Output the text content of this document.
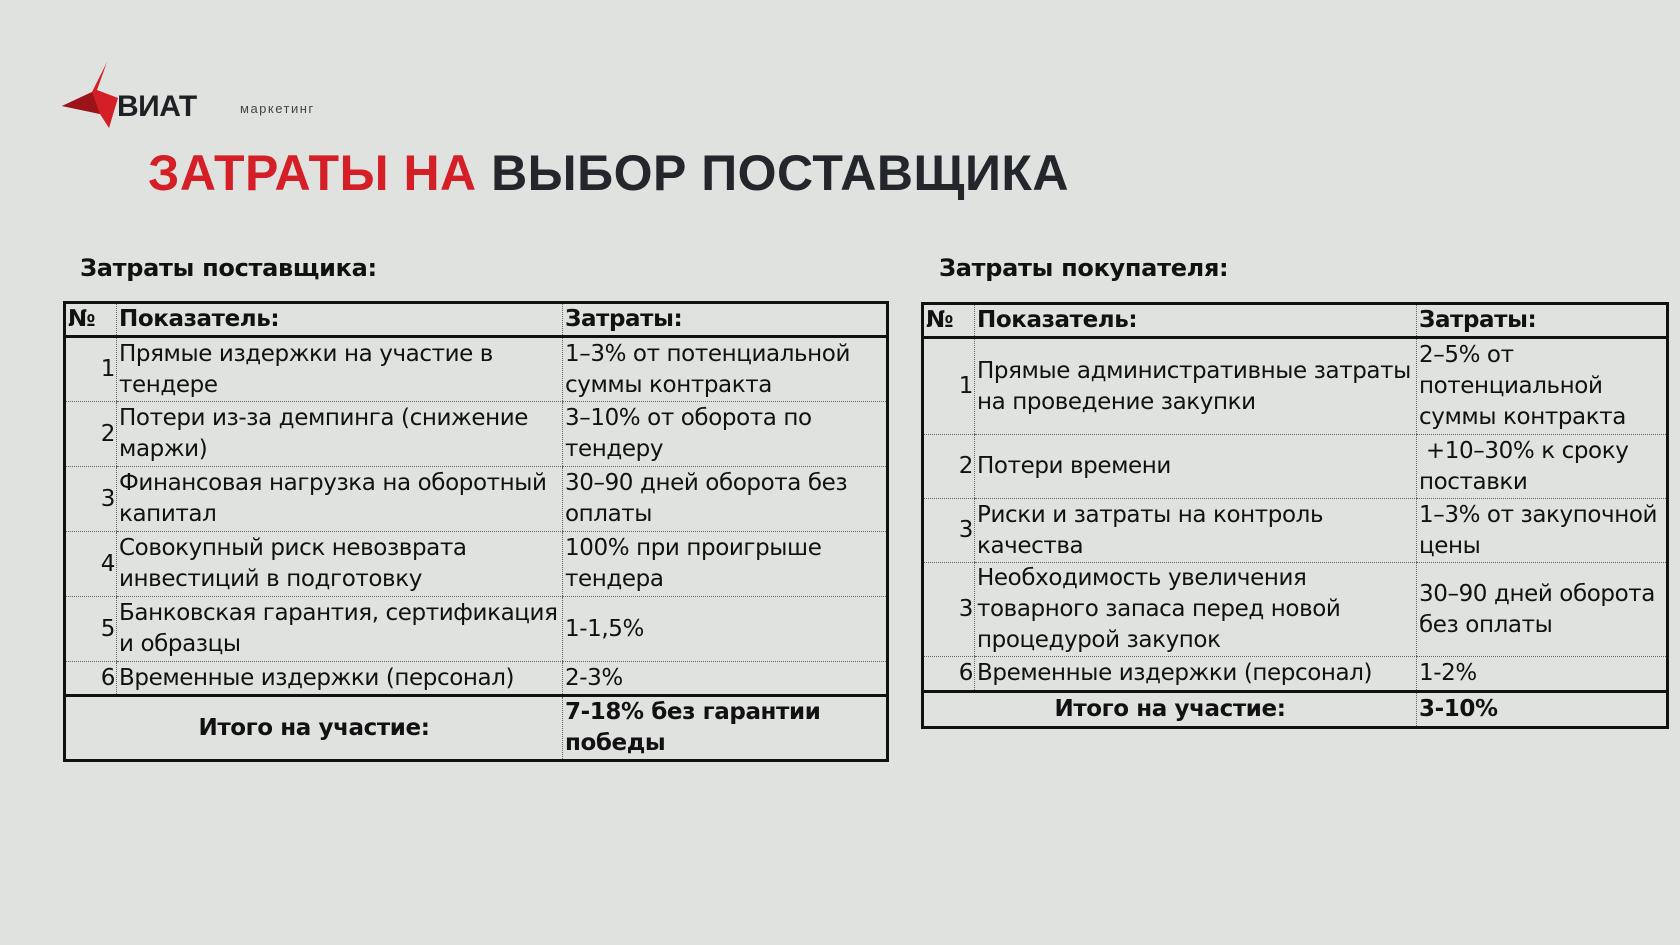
ВИАТ	маркетинг
ЗАТРАТЫ НА ВЫБОР ПОСТАВЩИКА
Затраты поставщика:
№	Показатель:	Затраты:
1	Прямые издержки на участие в тендере	1–3% от потенциальной суммы контракта
2	Потери из-за демпинга (снижение маржи)	3–10% от оборота по тендеру
3	Финансовая нагрузка на оборотный капитал	30–90 дней оборота без оплаты
4	Совокупный риск невозврата инвестиций в подготовку	100% при проигрыше тендера
5	Банковская гарантия, сертификация и образцы	1-1,5%
6	Временные издержки (персонал)	2-3%
Итого на участие:		7-18% без гарантии победы
Затраты покупателя:
№	Показатель:	Затраты:
1	Прямые административные затраты на проведение закупки	2–5% от потенциальной суммы контракта
2	Потери времени	+10–30% к сроку поставки
3	Риски и затраты на контроль качества	1–3% от закупочной цены
3	Необходимость увеличения товарного запаса перед новой процедурой закупок	30–90 дней оборота без оплаты
6	Временные издержки (персонал)	1-2%
Итого на участие:		3-10%
